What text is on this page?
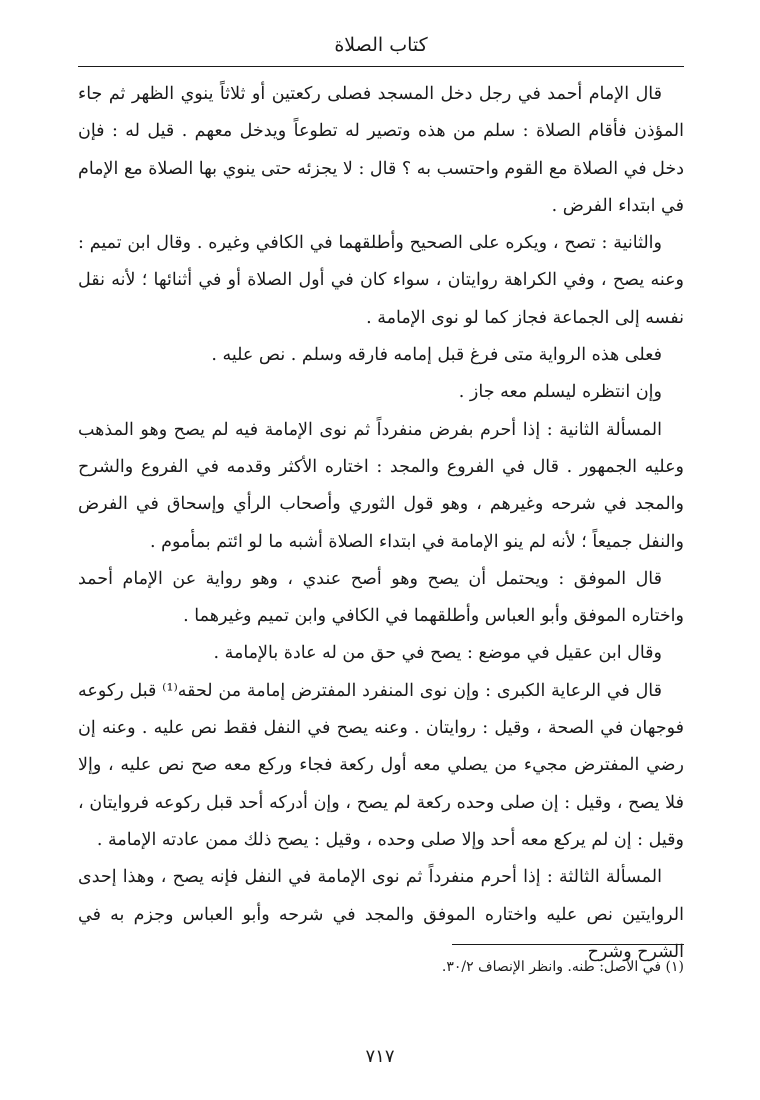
كتاب الصلاة

قال الإمام أحمد في رجل دخل المسجد فصلى ركعتين أو ثلاثاً ينوي الظهر ثم جاء المؤذن فأقام الصلاة : سلم من هذه وتصير له تطوعاً ويدخل معهم . قيل له : فإن دخل في الصلاة مع القوم واحتسب به ؟ قال : لا يجزئه حتى ينوي بها الصلاة مع الإمام في ابتداء الفرض .

والثانية : تصح ، ويكره على الصحيح وأطلقهما في الكافي وغيره . وقال ابن تميم : وعنه يصح ، وفي الكراهة روايتان ، سواء كان في أول الصلاة أو في أثنائها ؛ لأنه نقل نفسه إلى الجماعة فجاز كما لو نوى الإمامة .

فعلى هذه الرواية متى فرغ قبل إمامه فارقه وسلم . نص عليه .

وإن انتظره ليسلم معه جاز .

المسألة الثانية : إذا أحرم بفرض منفرداً ثم نوى الإمامة فيه لم يصح وهو المذهب وعليه الجمهور . قال في الفروع والمجد : اختاره الأكثر وقدمه في الفروع والشرح والمجد في شرحه وغيرهم ، وهو قول الثوري وأصحاب الرأي وإسحاق في الفرض والنفل جميعاً ؛ لأنه لم ينو الإمامة في ابتداء الصلاة أشبه ما لو ائتم بمأموم .

قال الموفق : ويحتمل أن يصح وهو أصح عندي ، وهو رواية عن الإمام أحمد واختاره الموفق وأبو العباس وأطلقهما في الكافي وابن تميم وغيرهما .

وقال ابن عقيل في موضع : يصح في حق من له عادة بالإمامة .

قال في الرعاية الكبرى : وإن نوى المنفرد المفترض إمامة من لحقه⁽¹⁾ قبل ركوعه فوجهان في الصحة ، وقيل : روايتان . وعنه يصح في النفل فقط نص عليه . وعنه إن رضي المفترض مجيء من يصلي معه أول ركعة فجاء وركع معه صح نص عليه ، وإلا فلا يصح ، وقيل : إن صلى وحده ركعة لم يصح ، وإن أدركه أحد قبل ركوعه فروايتان ، وقيل : إن لم يركع معه أحد وإلا صلى وحده ، وقيل : يصح ذلك ممن عادته الإمامة .

المسألة الثالثة : إذا أحرم منفرداً ثم نوى الإمامة في النفل فإنه يصح ، وهذا إحدى الروايتين نص عليه واختاره الموفق والمجد في شرحه وأبو العباس وجزم به في الشرح وشرح

(١) في الأصل: طنه. وانظر الإنصاف ٣٠/٢.
٧١٧
